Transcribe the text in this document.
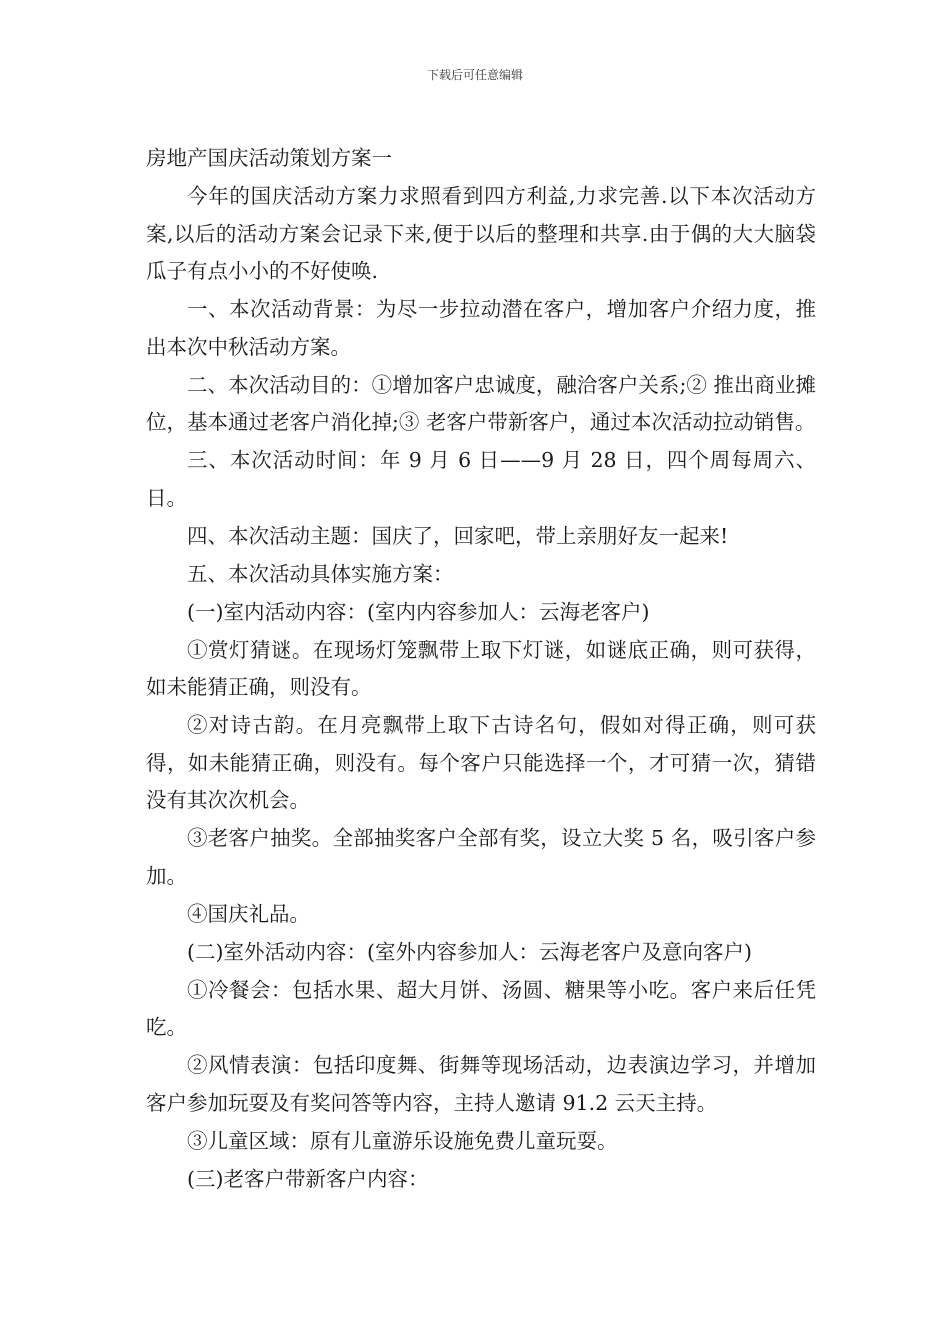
下载后可任意编辑

房地产国庆活动策划方案一

今年的国庆活动方案力求照看到四方利益,力求完善.以下本次活动方案,以后的活动方案会记录下来,便于以后的整理和共享.由于偶的大大脑袋瓜子有点小小的不好使唤.

一、本次活动背景：为尽一步拉动潜在客户，增加客户介绍力度，推出本次中秋活动方案。

二、本次活动目的：①增加客户忠诚度，融洽客户关系;② 推出商业摊位，基本通过老客户消化掉;③ 老客户带新客户，通过本次活动拉动销售。

三、本次活动时间：年 9 月 6 日——9 月 28 日，四个周每周六、日。

四、本次活动主题：国庆了，回家吧，带上亲朋好友一起来!

五、本次活动具体实施方案：

(一)室内活动内容：(室内内容参加人：云海老客户)

①赏灯猜谜。在现场灯笼飘带上取下灯谜，如谜底正确，则可获得，如未能猜正确，则没有。

②对诗古韵。在月亮飘带上取下古诗名句，假如对得正确，则可获得，如未能猜正确，则没有。每个客户只能选择一个，才可猜一次，猜错没有其次次机会。

③老客户抽奖。全部抽奖客户全部有奖，设立大奖 5 名，吸引客户参加。

④国庆礼品。

(二)室外活动内容：(室外内容参加人：云海老客户及意向客户)

①冷餐会：包括水果、超大月饼、汤圆、糖果等小吃。客户来后任凭吃。

②风情表演：包括印度舞、街舞等现场活动，边表演边学习，并增加客户参加玩耍及有奖问答等内容，主持人邀请 91.2 云天主持。

③儿童区域：原有儿童游乐设施免费儿童玩耍。

(三)老客户带新客户内容：
